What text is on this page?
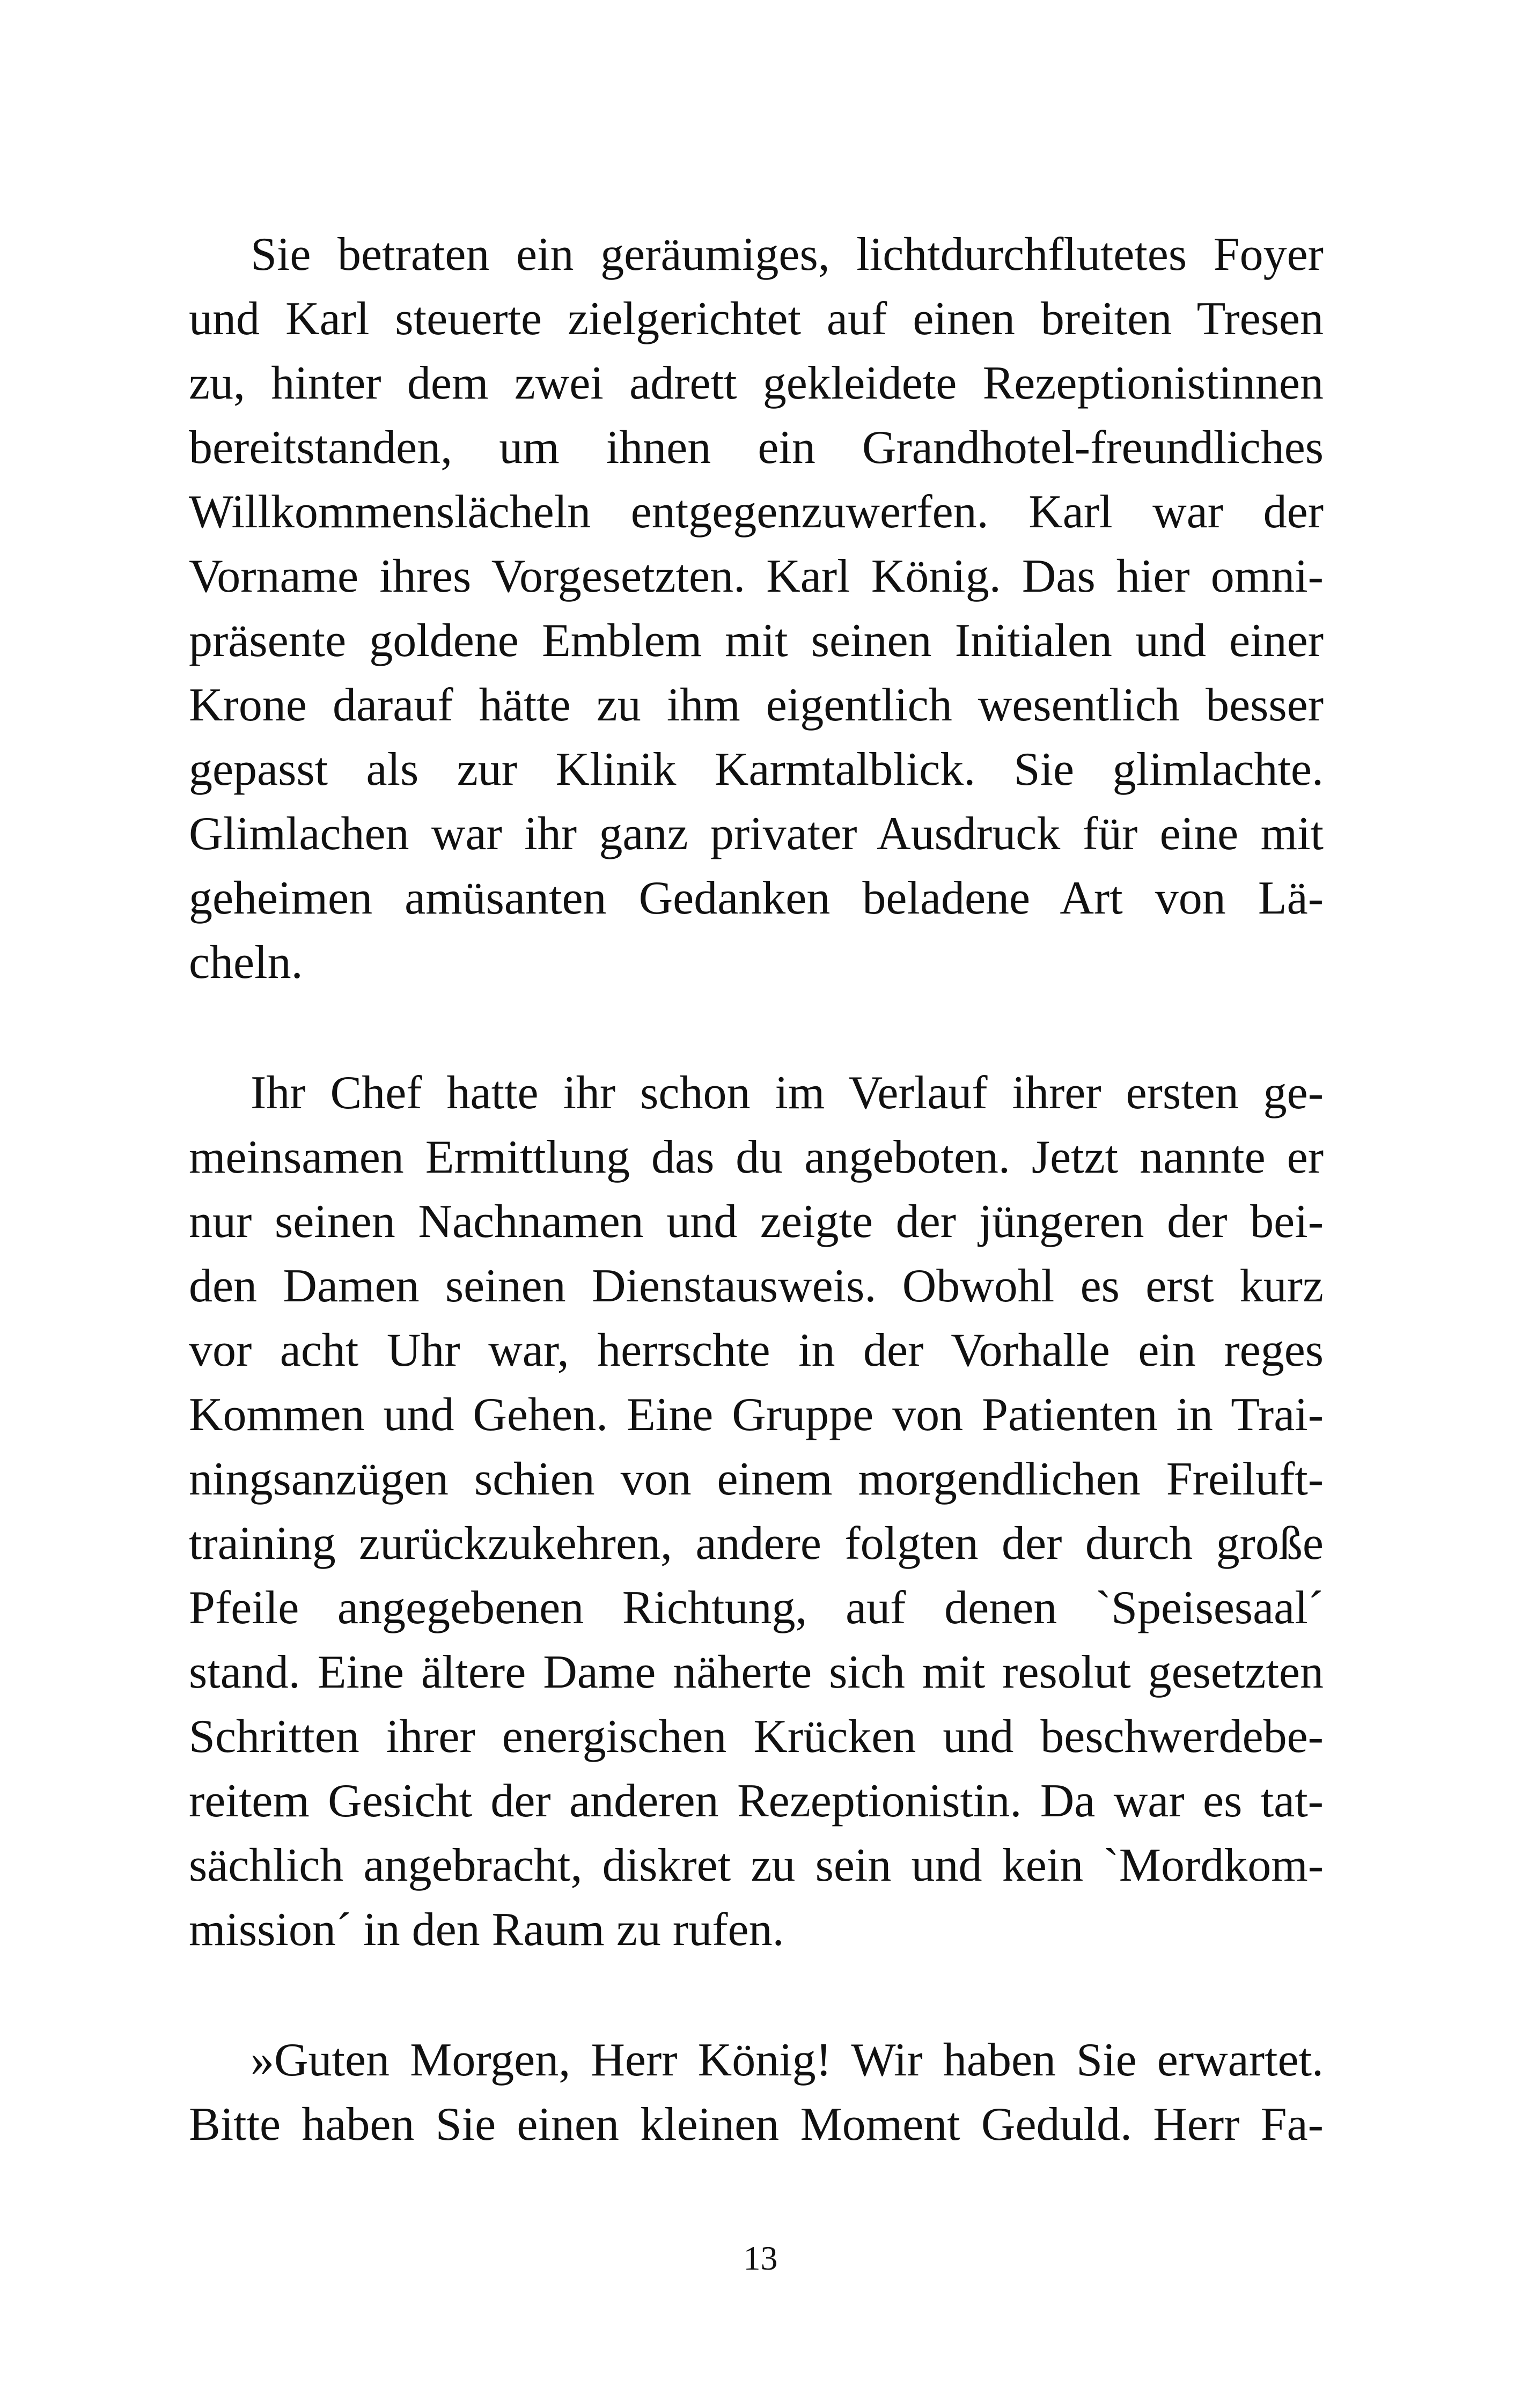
Sie betraten ein geräumiges, lichtdurchflutetes Foyer
und Karl steuerte zielgerichtet auf einen breiten Tresen
zu, hinter dem zwei adrett gekleidete Rezeptionistinnen
bereitstanden, um ihnen ein Grandhotel-freundliches
Willkommenslächeln entgegenzuwerfen. Karl war der
Vorname ihres Vorgesetzten. Karl König. Das hier omni-
präsente goldene Emblem mit seinen Initialen und einer
Krone darauf hätte zu ihm eigentlich wesentlich besser
gepasst als zur Klinik Karmtalblick. Sie glimlachte.
Glimlachen war ihr ganz privater Ausdruck für eine mit
geheimen amüsanten Gedanken beladene Art von Lä-
cheln.
Ihr Chef hatte ihr schon im Verlauf ihrer ersten ge-
meinsamen Ermittlung das du angeboten. Jetzt nannte er
nur seinen Nachnamen und zeigte der jüngeren der bei-
den Damen seinen Dienstausweis. Obwohl es erst kurz
vor acht Uhr war, herrschte in der Vorhalle ein reges
Kommen und Gehen. Eine Gruppe von Patienten in Trai-
ningsanzügen schien von einem morgendlichen Freiluft-
training zurückzukehren, andere folgten der durch große
Pfeile angegebenen Richtung, auf denen `Speisesaal´
stand. Eine ältere Dame näherte sich mit resolut gesetzten
Schritten ihrer energischen Krücken und beschwerdebe-
reitem Gesicht der anderen Rezeptionistin. Da war es tat-
sächlich angebracht, diskret zu sein und kein `Mordkom-
mission´ in den Raum zu rufen.
»Guten Morgen, Herr König! Wir haben Sie erwartet.
Bitte haben Sie einen kleinen Moment Geduld. Herr Fa-
13
